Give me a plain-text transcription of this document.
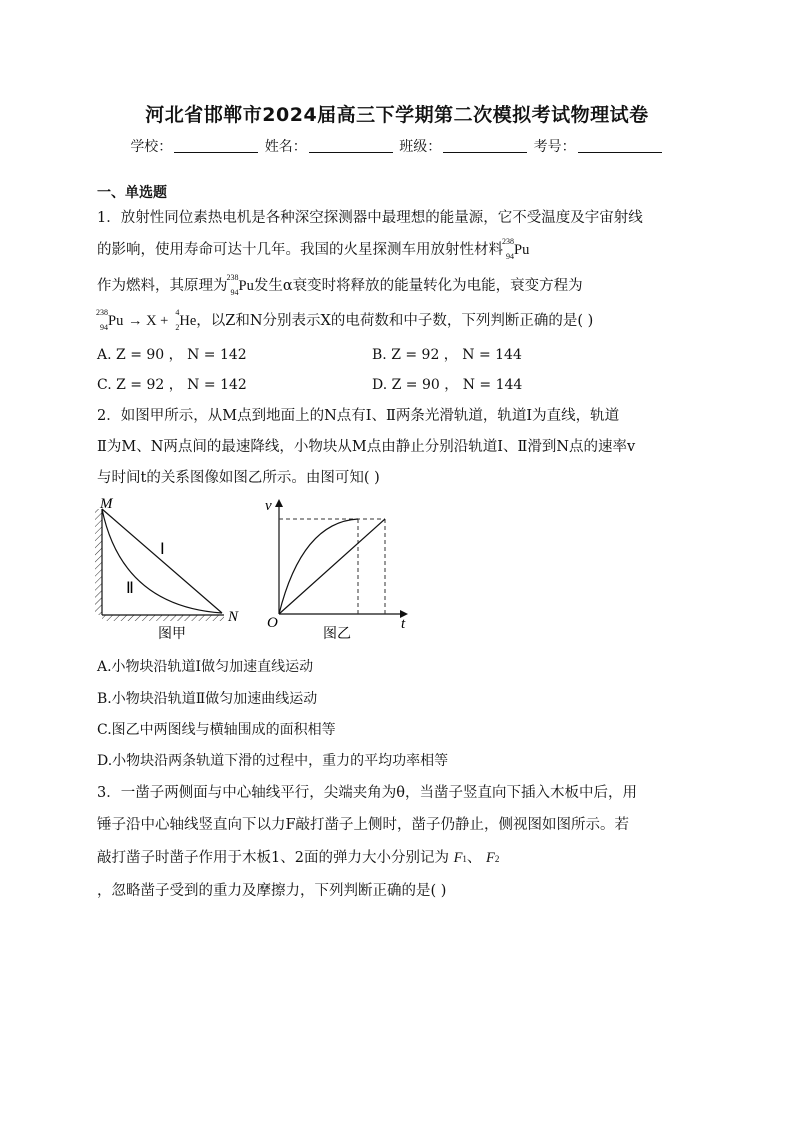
河北省邯郸市2024届高三下学期第二次模拟考试物理试卷
学校：	姓名：	班级：	考号：
一、单选题
1．放射性同位素热电机是各种深空探测器中最理想的能量源，它不受温度及宇宙射线
的影响，使用寿命可达十几年。我国的火星探测车用放射性材料
238
94 Pu
作为燃料，其原理为
238
94 Pu发生α衰变时将释放的能量转化为电能，衰变方程为
238
94 Pu → X +
4
2 He，以Z和N分别表示X的电荷数和中子数，下列判断正确的是( )
A. Z = 90 ， N = 142	B. Z = 92 ， N = 144
C. Z = 92 ， N = 142	D. Z = 90 ， N = 144
2．如图甲所示，从M点到地面上的N点有Ⅰ、Ⅱ两条光滑轨道，轨道Ⅰ为直线，轨道
Ⅱ为M、N两点间的最速降线，小物块从M点由静止分别沿轨道Ⅰ、Ⅱ滑到N点的速率v
与时间t的关系图像如图乙所示。由图可知( )
M
N
Ⅰ
Ⅱ
图甲
v
O	t
图乙
A.小物块沿轨道Ⅰ做匀加速直线运动
B.小物块沿轨道Ⅱ做匀加速曲线运动
C.图乙中两图线与横轴围成的面积相等
D.小物块沿两条轨道下滑的过程中，重力的平均功率相等
3．一凿子两侧面与中心轴线平行，尖端夹角为θ，当凿子竖直向下插入木板中后，用
锤子沿中心轴线竖直向下以力F敲打凿子上侧时，凿子仍静止，侧视图如图所示。若
敲打凿子时凿子作用于木板1、2面的弹力大小分别记为 F1、 F2
，忽略凿子受到的重力及摩擦力，下列判断正确的是( )
